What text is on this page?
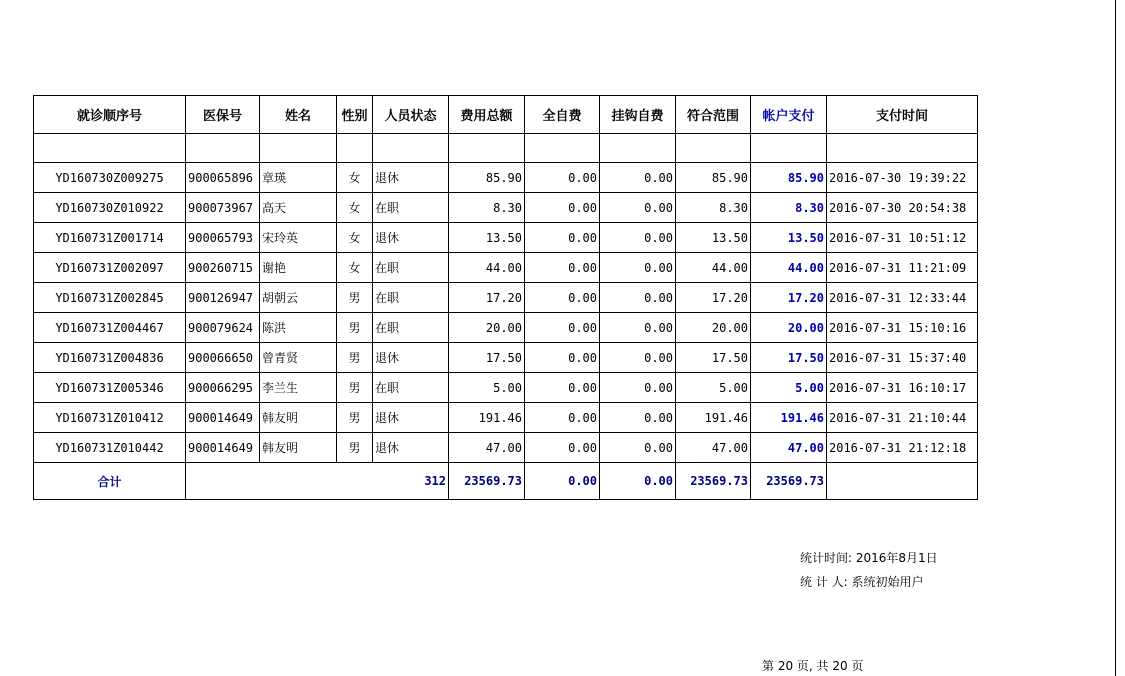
就诊顺序号	医保号	姓名	性别	人员状态	费用总额	全自费	挂钩自费	符合范围	帐户支付	支付时间

YD160730Z009275	900065896	章瑛	女	退休	85.90	0.00	0.00	85.90	85.90	2016-07-30 19:39:22
YD160730Z010922	900073967	高天	女	在职	8.30	0.00	0.00	8.30	8.30	2016-07-30 20:54:38
YD160731Z001714	900065793	宋玲英	女	退休	13.50	0.00	0.00	13.50	13.50	2016-07-31 10:51:12
YD160731Z002097	900260715	谢艳	女	在职	44.00	0.00	0.00	44.00	44.00	2016-07-31 11:21:09
YD160731Z002845	900126947	胡朝云	男	在职	17.20	0.00	0.00	17.20	17.20	2016-07-31 12:33:44
YD160731Z004467	900079624	陈洪	男	在职	20.00	0.00	0.00	20.00	20.00	2016-07-31 15:10:16
YD160731Z004836	900066650	曾青贤	男	退休	17.50	0.00	0.00	17.50	17.50	2016-07-31 15:37:40
YD160731Z005346	900066295	李兰生	男	在职	5.00	0.00	0.00	5.00	5.00	2016-07-31 16:10:17
YD160731Z010412	900014649	韩友明	男	退休	191.46	0.00	0.00	191.46	191.46	2016-07-31 21:10:44
YD160731Z010442	900014649	韩友明	男	退休	47.00	0.00	0.00	47.00	47.00	2016-07-31 21:12:18
合计	312				23569.73	0.00	0.00	23569.73	23569.73	
统计时间: 2016年8月1日
统 计 人: 系统初始用户
第 20 页, 共 20 页
